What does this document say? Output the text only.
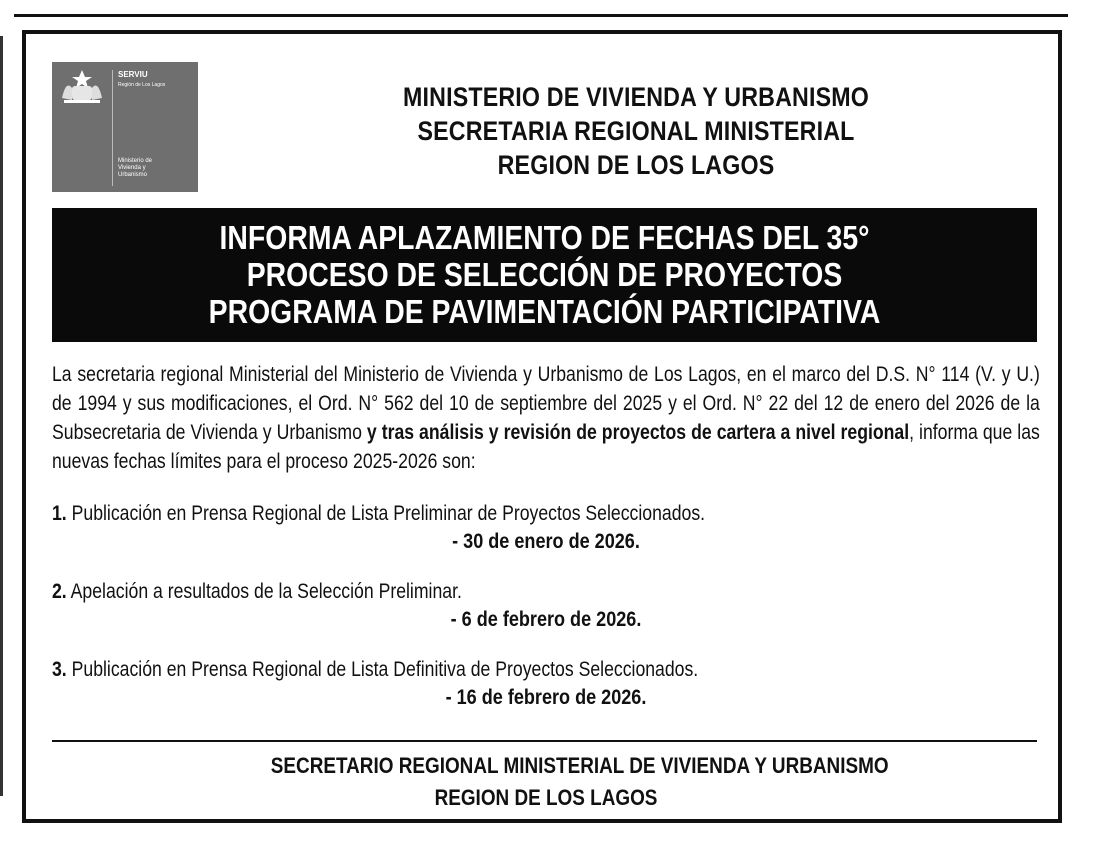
SERVIU
Región de Los Lagos
Ministerio de
Vivienda y
Urbanismo
MINISTERIO DE VIVIENDA Y URBANISMO
SECRETARIA REGIONAL MINISTERIAL
REGION DE LOS LAGOS
INFORMA APLAZAMIENTO DE FECHAS DEL 35°
PROCESO DE SELECCIÓN DE PROYECTOS
PROGRAMA DE PAVIMENTACIÓN PARTICIPATIVA
La secretaria regional Ministerial del Ministerio de Vivienda y Urbanismo de Los Lagos, en el marco del D.S. N° 114 (V. y U.) de 1994 y sus modificaciones, el Ord. N° 562 del 10 de septiembre del 2025 y el Ord. N° 22 del 12 de enero del 2026 de la Subsecretaria de Vivienda y Urbanismo y tras análisis y revisión de proyectos de cartera a nivel regional, informa que las nuevas fechas límites para el proceso 2025-2026 son:
1. Publicación en Prensa Regional de Lista Preliminar de Proyectos Seleccionados.
- 30 de enero de 2026.
2. Apelación a resultados de la Selección Preliminar.
- 6 de febrero de 2026.
3. Publicación en Prensa Regional de Lista Definitiva de Proyectos Seleccionados.
- 16 de febrero de 2026.
SECRETARIO REGIONAL MINISTERIAL DE VIVIENDA Y URBANISMO
REGION DE LOS LAGOS
